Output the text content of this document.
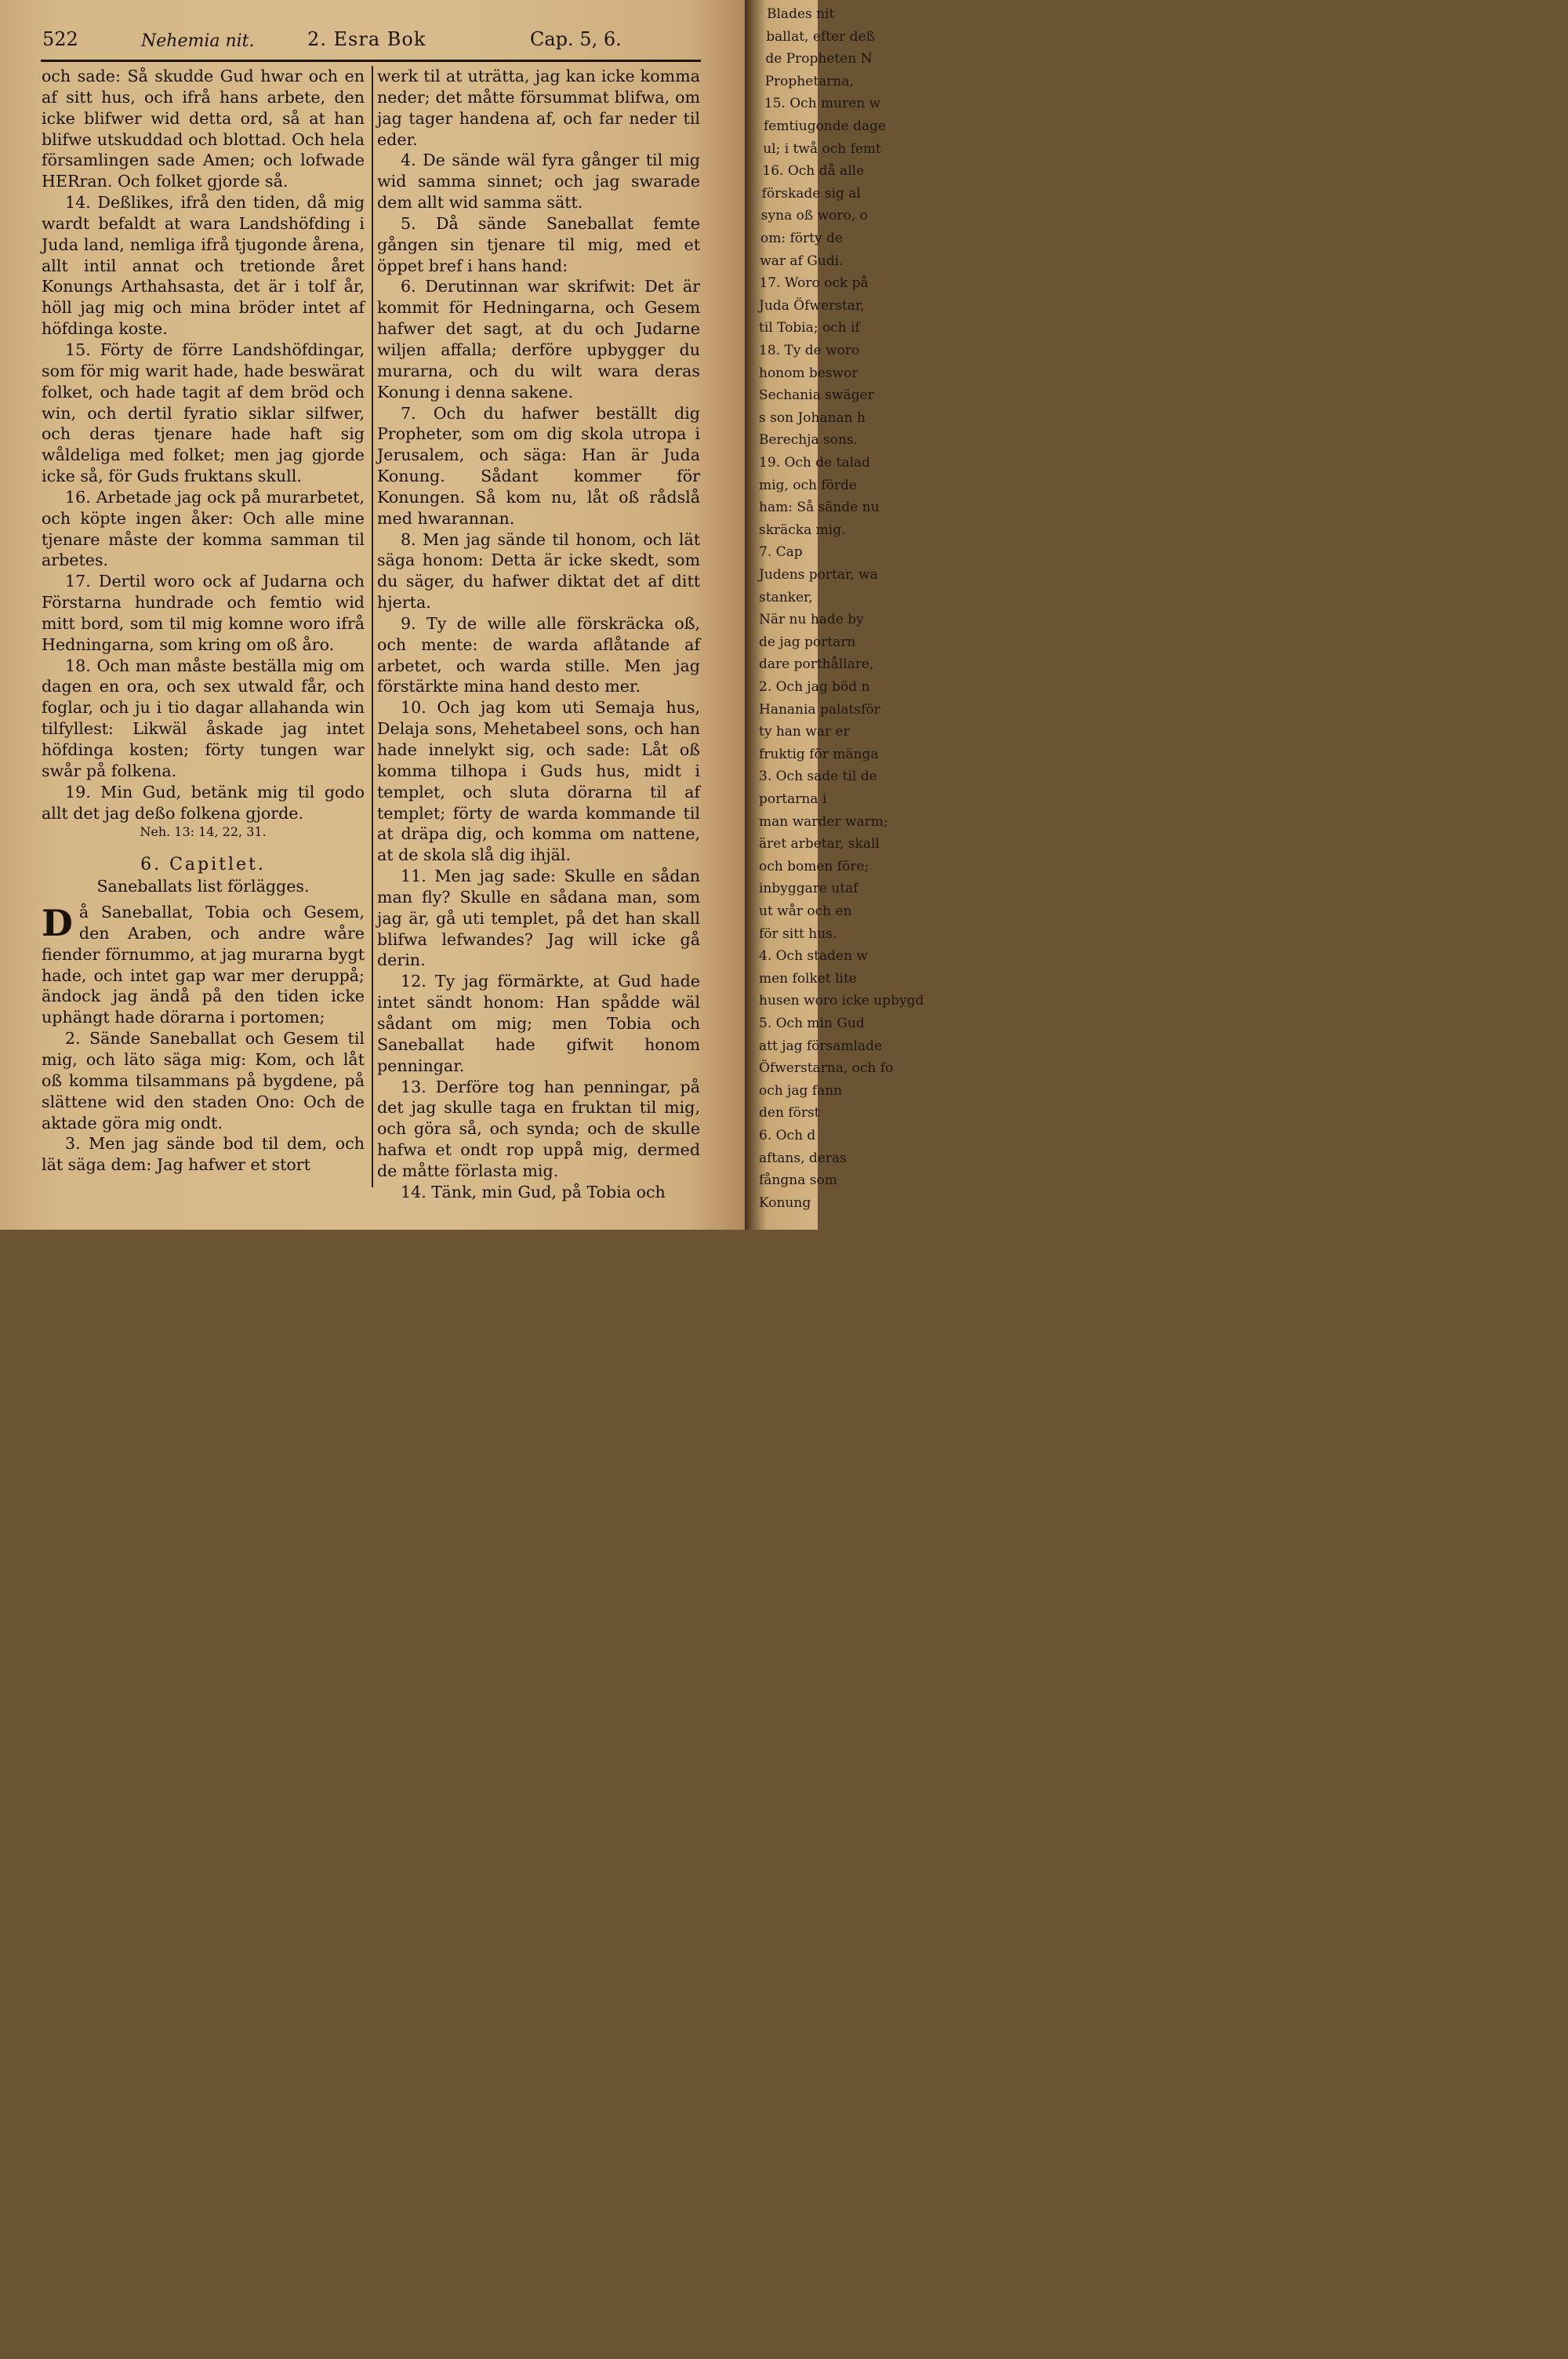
522	Nehemia nit.	2. Esra Bok	Cap. 5, 6.

och sade: Så skudde Gud hwar och en af sitt hus, och ifrå hans arbete, den icke blifwer wid detta ord, så at han blifwe utskuddad och blottad. Och hela församlingen sade Amen; och lofwade HERran. Och folket gjorde så.

14. Deßlikes, ifrå den tiden, då mig wardt befaldt at wara Landshöfding i Juda land, nemliga ifrå tjugonde årena, allt intil annat och tretionde året Konungs Arthahsasta, det är i tolf år, höll jag mig och mina bröder intet af höfdinga koste.

15. Förty de förre Landshöfdingar, som för mig warit hade, hade beswärat folket, och hade tagit af dem bröd och win, och dertil fyratio siklar silfwer, och deras tjenare hade haft sig wåldeliga med folket; men jag gjorde icke så, för Guds fruktans skull.

16. Arbetade jag ock på murarbetet, och köpte ingen åker: Och alle mine tjenare måste der komma samman til arbetes.

17. Dertil woro ock af Judarna och Förstarna hundrade och femtio wid mitt bord, som til mig komne woro ifrå Hedningarna, som kring om oß åro.

18. Och man måste beställa mig om dagen en ora, och sex utwald får, och foglar, och ju i tio dagar allahanda win tilfyllest: Likwäl åskade jag intet höfdinga kosten; förty tungen war swår på folkena.

19. Min Gud, betänk mig til godo allt det jag deßo folkena gjorde.

Neh. 13: 14, 22, 31.

6. Capitlet.

Saneballats list förlägges.

Då Saneballat, Tobia och Gesem, den Araben, och andre wåre fiender förnummo, at jag murarna bygt hade, och intet gap war mer deruppå; ändock jag ändå på den tiden icke uphängt hade dörarna i portomen;

2. Sände Saneballat och Gesem til mig, och läto säga mig: Kom, och låt oß komma tilsammans på bygdene, på slättene wid den staden Ono: Och de aktade göra mig ondt.

3. Men jag sände bod til dem, och lät säga dem: Jag hafwer et stort

werk til at uträtta, jag kan icke komma neder; det måtte försummat blifwa, om jag tager handena af, och far neder til eder.

4. De sände wäl fyra gånger til mig wid samma sinnet; och jag swarade dem allt wid samma sätt.

5. Då sände Saneballat femte gången sin tjenare til mig, med et öppet bref i hans hand:

6. Derutinnan war skrifwit: Det är kommit för Hedningarna, och Gesem hafwer det sagt, at du och Judarne wiljen affalla; derföre upbygger du murarna, och du wilt wara deras Konung i denna sakene.

7. Och du hafwer beställt dig Propheter, som om dig skola utropa i Jerusalem, och säga: Han är Juda Konung. Sådant kommer för Konungen. Så kom nu, låt oß rådslå med hwarannan.

8. Men jag sände til honom, och lät säga honom: Detta är icke skedt, som du säger, du hafwer diktat det af ditt hjerta.

9. Ty de wille alle förskräcka oß, och mente: de warda aflåtande af arbetet, och warda stille. Men jag förstärkte mina hand desto mer.

10. Och jag kom uti Semaja hus, Delaja sons, Mehetabeel sons, och han hade innelykt sig, och sade: Låt oß komma tilhopa i Guds hus, midt i templet, och sluta dörarna til af templet; förty de warda kommande til at dräpa dig, och komma om nattene, at de skola slå dig ihjäl.

11. Men jag sade: Skulle en sådan man fly? Skulle en sådana man, som jag är, gå uti templet, på det han skall blifwa lefwandes? Jag will icke gå derin.

12. Ty jag förmärkte, at Gud hade intet sändt honom: Han spådde wäl sådant om mig; men Tobia och Saneballat hade gifwit honom penningar.

13. Derföre tog han penningar, på det jag skulle taga en fruktan til mig, och göra så, och synda; och de skulle hafwa et ondt rop uppå mig, dermed de måtte förlasta mig.

14. Tänk, min Gud, på Tobia och

Blades nit
ballat, efter deß
de Propheten N
Prophetarna,
15. Och muren w
femtiugonde dage
ul; i twå och femt
16. Och då alle
förskade sig al
syna oß woro, o
om: förty de
war af Gudi.
17. Woro ock på
Juda Öfwerstar,
til Tobia; och if
18. Ty de woro
honom beswor
Sechania swäger
s son Johanan h
Berechja sons.
19. Och de talad
mig, och förde
ham: Så sände nu
skräcka mig.
7. Cap
Judens portar, wa
stanker,
När nu hade by
de jag portarn
dare porthållare,
2. Och jag böd n
Hanania palatsför
ty han war er
fruktig för mänga
3. Och sade til de
portarna i
man warder warm;
äret arbetar, skall
och bomen före;
inbyggare utaf
ut wår och en
för sitt hus.
4. Och staden w
men folket lite
husen woro icke upbygd
5. Och min Gud
att jag församlade
Öfwerstarna, och fo
och jag fann
den först
6. Och d
aftans, deras
fångna som
Konung
